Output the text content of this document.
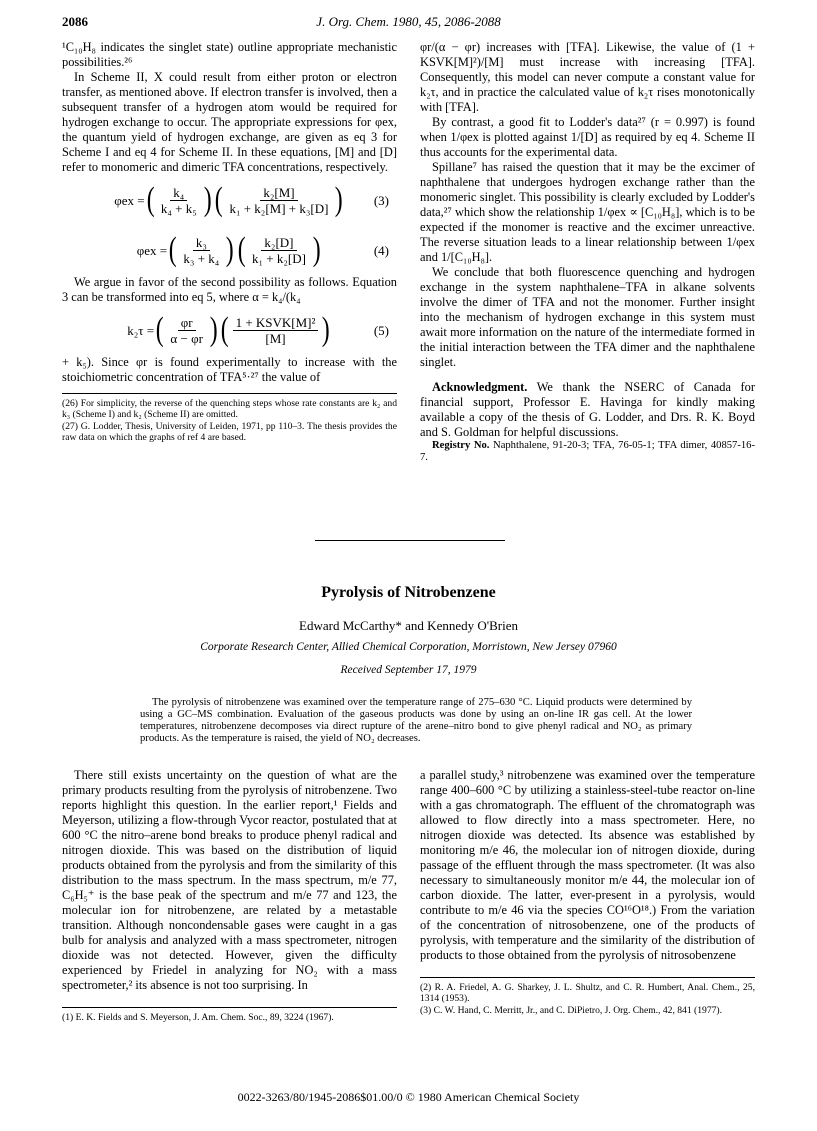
2086	J. Org. Chem. 1980, 45, 2086-2088

¹C₁₀H₈ indicates the singlet state) outline appropriate mechanistic possibilities.²⁶

In Scheme II, X could result from either proton or electron transfer, as mentioned above. If electron transfer is involved, then a subsequent transfer of a hydrogen atom would be required for hydrogen exchange to occur. The appropriate expressions for φex, the quantum yield of hydrogen exchange, are given as eq 3 for Scheme I and eq 4 for Scheme II. In these equations, [M] and [D] refer to monomeric and dimeric TFA concentrations, respectively.

φex = ( $\frac{\text{k₄}}{\text{k₄ + k₅}}$ ) ( $\frac{\text{k₂[M]}}{\text{k₁ + k₂[M] + k₃[D]}}$ ) (3)
φex = ( $\frac{\text{k₃}}{\text{k₃ + k₄}}$ ) ( $\frac{\text{k₂[D]}}{\text{k₁ + k₂[D]}}$ )	(4)

We argue in favor of the second possibility as follows. Equation 3 can be transformed into eq 5, where α = k₄/(k₄

k₂τ = ( $\frac{\varphi r}{\alpha - \varphi r}$ ) ( $\frac{\text{1 + KSVK[M]²}}{[M]}$ )	(5)

+ k₅). Since φr is found experimentally to increase with the stoichiometric concentration of TFA⁵·²⁷ the value of

(26) For simplicity, the reverse of the quenching steps whose rate constants are k₂ and k₃ (Scheme I) and k₂ (Scheme II) are omitted.
(27) G. Lodder, Thesis, University of Leiden, 1971, pp 110–3. The thesis provides the raw data on which the graphs of ref 4 are based.

φr/(α − φr) increases with [TFA]. Likewise, the value of (1 + KSVK[M]²)/[M] must increase with increasing [TFA]. Consequently, this model can never compute a constant value for k₂τ, and in practice the calculated value of k₂τ rises monotonically with [TFA].

By contrast, a good fit to Lodder's data²⁷ (r = 0.997) is found when 1/φex is plotted against 1/[D] as required by eq 4. Scheme II thus accounts for the experimental data.

Spillane⁷ has raised the question that it may be the excimer of naphthalene that undergoes hydrogen exchange rather than the monomeric singlet. This possibility is clearly excluded by Lodder's data,²⁷ which show the relationship 1/φex ∝ [C₁₀H₈], which is to be expected if the monomer is reactive and the excimer unreactive. The reverse situation leads to a linear relationship between 1/φex and 1/[C₁₀H₈].

We conclude that both fluorescence quenching and hydrogen exchange in the system naphthalene–TFA in alkane solvents involve the dimer of TFA and not the monomer. Further insight into the mechanism of hydrogen exchange in this system must await more information on the nature of the intermediate formed in the initial interaction between the TFA dimer and the naphthalene singlet.

Acknowledgment. We thank the NSERC of Canada for financial support, Professor E. Havinga for kindly making available a copy of the thesis of G. Lodder, and Drs. R. K. Boyd and S. Goldman for helpful discussions.

Registry No. Naphthalene, 91-20-3; TFA, 76-05-1; TFA dimer, 40857-16-7.

Pyrolysis of Nitrobenzene
Edward McCarthy* and Kennedy O'Brien
Corporate Research Center, Allied Chemical Corporation, Morristown, New Jersey 07960
Received September 17, 1979

The pyrolysis of nitrobenzene was examined over the temperature range of 275–630 °C. Liquid products were determined by using a GC–MS combination. Evaluation of the gaseous products was done by using an on-line IR gas cell. At the lower temperatures, nitrobenzene decomposes via direct rupture of the arene–nitro bond to give phenyl radical and NO₂ as primary products. As the temperature is raised, the yield of NO₂ decreases.

There still exists uncertainty on the question of what are the primary products resulting from the pyrolysis of nitrobenzene. Two reports highlight this question. In the earlier report,¹ Fields and Meyerson, utilizing a flow-through Vycor reactor, postulated that at 600 °C the nitro–arene bond breaks to produce phenyl radical and nitrogen dioxide. This was based on the distribution of liquid products obtained from the pyrolysis and from the similarity of this distribution to the mass spectrum. In the mass spectrum, m/e 77, C₆H₅⁺ is the base peak of the spectrum and m/e 77 and 123, the molecular ion for nitrobenzene, are related by a metastable transition. Although noncondensable gases were caught in a gas bulb for analysis and analyzed with a mass spectrometer, nitrogen dioxide was not detected. However, given the difficulty experienced by Friedel in analyzing for NO₂ with a mass spectrometer,² its absence is not too surprising. In

(1) E. K. Fields and S. Meyerson, J. Am. Chem. Soc., 89, 3224 (1967).

a parallel study,³ nitrobenzene was examined over the temperature range 400–600 °C by utilizing a stainless-steel-tube reactor on-line with a gas chromatograph. The effluent of the chromatograph was allowed to flow directly into a mass spectrometer. Here, no nitrogen dioxide was detected. Its absence was established by monitoring m/e 46, the molecular ion of nitrogen dioxide, during passage of the effluent through the mass spectrometer. (It was also necessary to simultaneously monitor m/e 44, the molecular ion of carbon dioxide. The latter, ever-present in a pyrolysis, would contribute to m/e 46 via the species CO¹⁶O¹⁸.) From the variation of the concentration of nitrosobenzene, one of the products of pyrolysis, with temperature and the similarity of the distribution of products to those obtained from the pyrolysis of nitrosobenzene

(2) R. A. Friedel, A. G. Sharkey, J. L. Shultz, and C. R. Humbert, Anal. Chem., 25, 1314 (1953).
(3) C. W. Hand, C. Merritt, Jr., and C. DiPietro, J. Org. Chem., 42, 841 (1977).
0022-3263/80/1945-2086$01.00/0 © 1980 American Chemical Society
